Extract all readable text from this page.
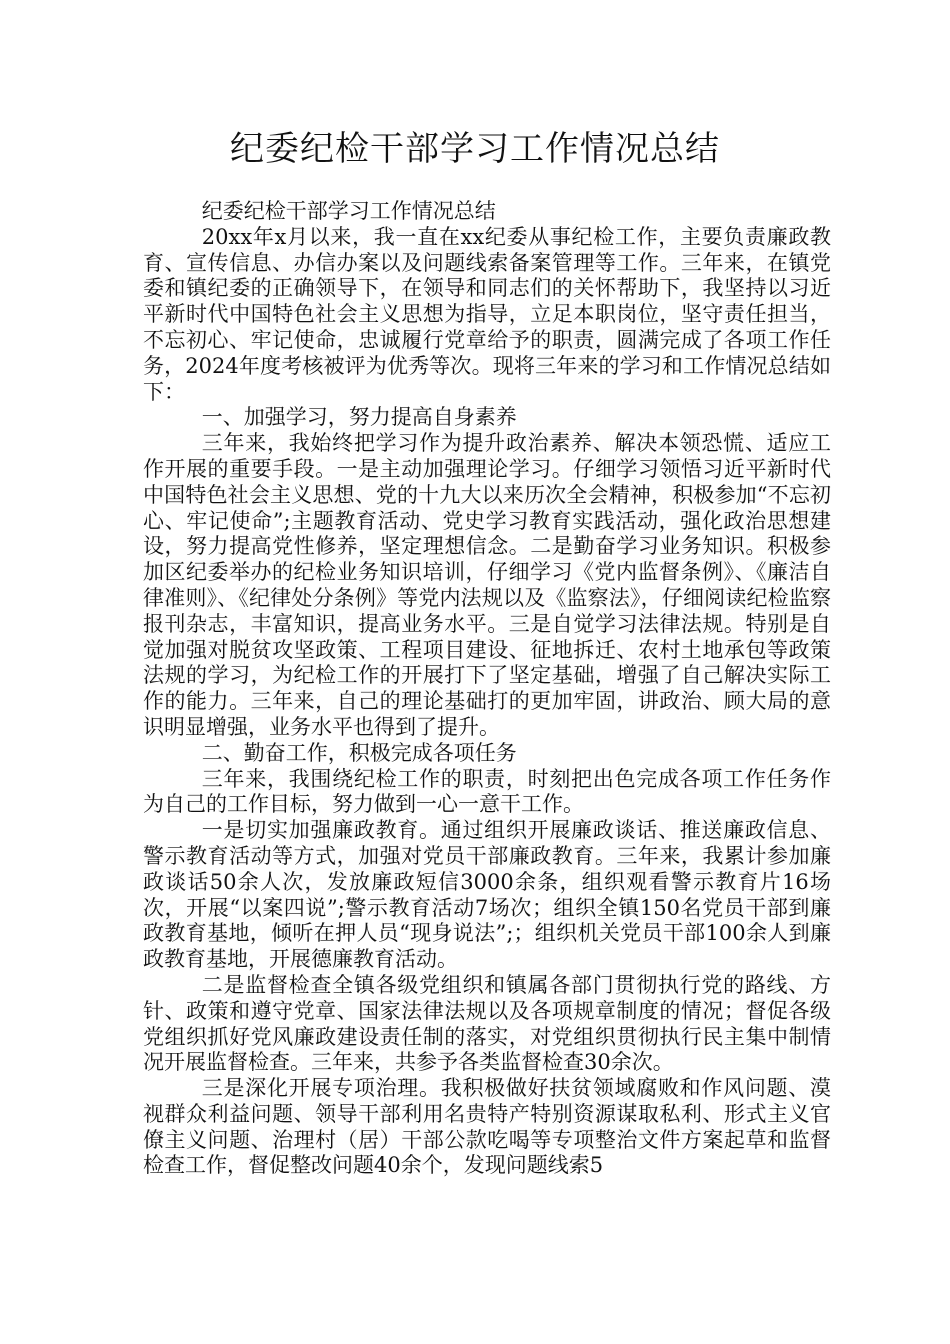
纪委纪检干部学习工作情况总结

纪委纪检干部学习工作情况总结

20xx年x月以来，我一直在xx纪委从事纪检工作，主要负责廉政教育、宣传信息、办信办案以及问题线索备案管理等工作。三年来，在镇党委和镇纪委的正确领导下，在领导和同志们的关怀帮助下，我坚持以习近平新时代中国特色社会主义思想为指导，立足本职岗位，坚守责任担当，不忘初心、牢记使命，忠诚履行党章给予的职责，圆满完成了各项工作任务，2024年度考核被评为优秀等次。现将三年来的学习和工作情况总结如下：

一、加强学习，努力提高自身素养

三年来，我始终把学习作为提升政治素养、解决本领恐慌、适应工作开展的重要手段。一是主动加强理论学习。仔细学习领悟习近平新时代中国特色社会主义思想、党的十九大以来历次全会精神，积极参加“不忘初心、牢记使命”;主题教育活动、党史学习教育实践活动，强化政治思想建设，努力提高党性修养，坚定理想信念。二是勤奋学习业务知识。积极参加区纪委举办的纪检业务知识培训，仔细学习《党内监督条例》、《廉洁自律准则》、《纪律处分条例》等党内法规以及《监察法》，仔细阅读纪检监察报刊杂志，丰富知识，提高业务水平。三是自觉学习法律法规。特别是自觉加强对脱贫攻坚政策、工程项目建设、征地拆迁、农村土地承包等政策法规的学习，为纪检工作的开展打下了坚定基础，增强了自己解决实际工作的能力。三年来，自己的理论基础打的更加牢固，讲政治、顾大局的意识明显增强，业务水平也得到了提升。

二、勤奋工作，积极完成各项任务

三年来，我围绕纪检工作的职责，时刻把出色完成各项工作任务作为自己的工作目标，努力做到一心一意干工作。

一是切实加强廉政教育。通过组织开展廉政谈话、推送廉政信息、警示教育活动等方式，加强对党员干部廉政教育。三年来，我累计参加廉政谈话50余人次，发放廉政短信3000余条，组织观看警示教育片16场次，开展“以案四说”;警示教育活动7场次；组织全镇150名党员干部到廉政教育基地，倾听在押人员“现身说法”;；组织机关党员干部100余人到廉政教育基地，开展德廉教育活动。

二是监督检查全镇各级党组织和镇属各部门贯彻执行党的路线、方针、政策和遵守党章、国家法律法规以及各项规章制度的情况；督促各级党组织抓好党风廉政建设责任制的落实，对党组织贯彻执行民主集中制情况开展监督检查。三年来，共参予各类监督检查30余次。

三是深化开展专项治理。我积极做好扶贫领域腐败和作风问题、漠视群众利益问题、领导干部利用名贵特产特别资源谋取私利、形式主义官僚主义问题、治理村（居）干部公款吃喝等专项整治文件方案起草和监督检查工作，督促整改问题40余个，发现问题线索5
